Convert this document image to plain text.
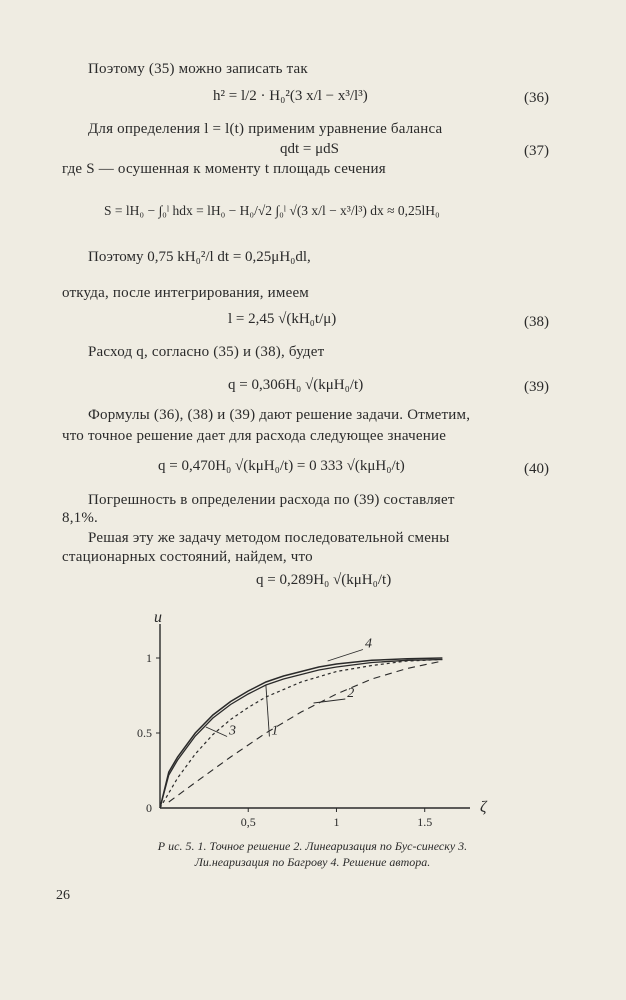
Поэтому (35) можно записать так
h² = l/2 · H₀²(3 x/l − x³/l³)	(36)
Для определения l = l(t) применим уравнение баланса
qdt = μdS	(37)
где S — осушенная к моменту t площадь сечения
S = lH₀ − ∫₀ˡ hdx = lH₀ − H₀/√2 ∫₀ˡ √(3 x/l − x³/l³) dx ≈ 0,25lH₀
Поэтому 0,75 kH₀²/l dt = 0,25μH₀dl,
откуда, после интегрирования, имеем
l = 2,45 √(kH₀t/μ)	(38)
Расход q, согласно (35) и (38), будет
q = 0,306H₀ √(kμH₀/t)	(39)
Формулы (36), (38) и (39) дают решение задачи. Отметим,
что точное решение дает для расхода следующее значение
q = 0,470H₀ √(kμH₀/t) = 0 333 √(kμH₀/t)	(40)
Погрешность в определении расхода по (39) составляет
8,1%.
Решая эту же задачу методом последовательной смены
стационарных состояний, найдем, что
q = 0,289H₀ √(kμH₀/t)
0,5	1	1.5
0
0.5
1
ζ
u
1
2
3
4
Р ис. 5. 1. Точное решение 2. Линеаризация по Бус-синеску 3. Ли.неаризация по Багрову 4. Решение автора.
26
